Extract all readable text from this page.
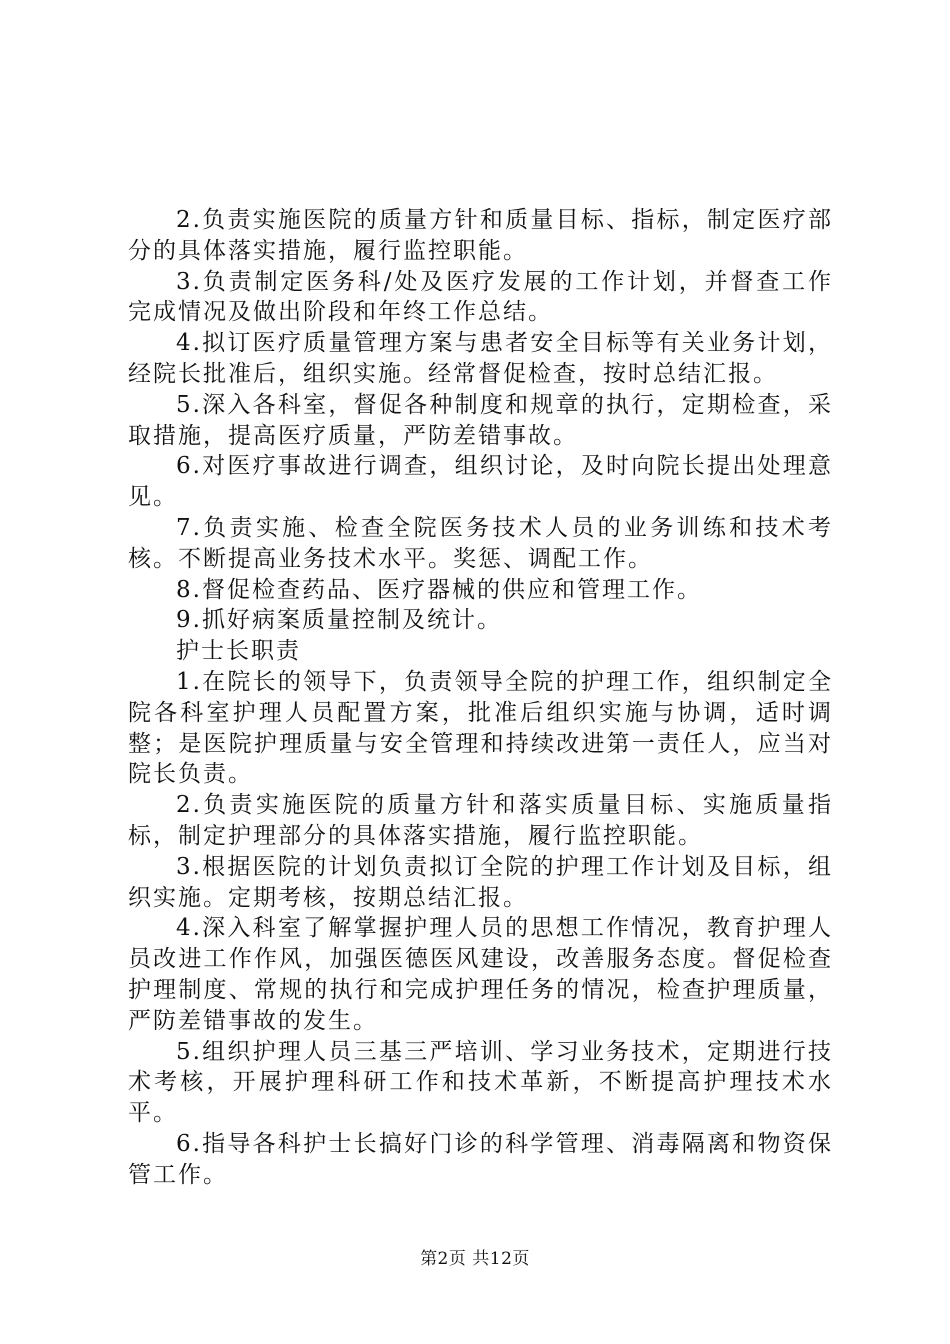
2.负责实施医院的质量方针和质量目标、指标，制定医疗部分的具体落实措施，履行监控职能。

3.负责制定医务科/处及医疗发展的工作计划，并督查工作完成情况及做出阶段和年终工作总结。

4.拟订医疗质量管理方案与患者安全目标等有关业务计划，经院长批准后，组织实施。经常督促检查，按时总结汇报。

5.深入各科室，督促各种制度和规章的执行，定期检查，采取措施，提高医疗质量，严防差错事故。

6.对医疗事故进行调查，组织讨论，及时向院长提出处理意见。

7.负责实施、检查全院医务技术人员的业务训练和技术考核。不断提高业务技术水平。奖惩、调配工作。

8.督促检查药品、医疗器械的供应和管理工作。

9.抓好病案质量控制及统计。

护士长职责

1.在院长的领导下，负责领导全院的护理工作，组织制定全院各科室护理人员配置方案，批准后组织实施与协调，适时调整；是医院护理质量与安全管理和持续改进第一责任人，应当对院长负责。

2.负责实施医院的质量方针和落实质量目标、实施质量指标，制定护理部分的具体落实措施，履行监控职能。

3.根据医院的计划负责拟订全院的护理工作计划及目标，组织实施。定期考核，按期总结汇报。

4.深入科室了解掌握护理人员的思想工作情况，教育护理人员改进工作作风，加强医德医风建设，改善服务态度。督促检查护理制度、常规的执行和完成护理任务的情况，检查护理质量，严防差错事故的发生。

5.组织护理人员三基三严培训、学习业务技术，定期进行技术考核，开展护理科研工作和技术革新，不断提高护理技术水平。

6.指导各科护士长搞好门诊的科学管理、消毒隔离和物资保管工作。

第2页 共12页
